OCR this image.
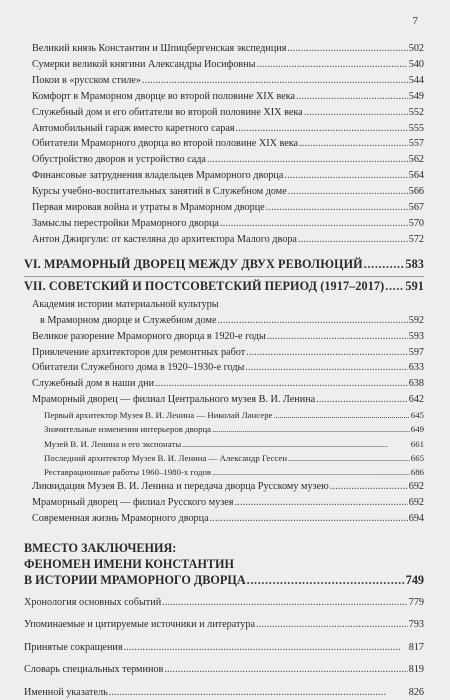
7
Великий князь Константин и Шпицбергенская экспедиция . . .	502
Сумерки великой княгини Александры Иосифовны . . .	540
Покои в «русском стиле» . . .	544
Комфорт в Мраморном дворце во второй половине XIX века . . .	549
Служебный дом и его обитатели во второй половине XIX века . . .	552
Автомобильный гараж вместо каретного сарая . . .	555
Обитатели Мраморного дворца во второй половине XIX века . . .	557
Обустройство дворов и устройство сада . . .	562
Финансовые затруднения владельцев Мраморного дворца . . .	564
Курсы учебно-воспитательных занятий в Служебном доме . . .	566
Первая мировая война и утраты в Мраморном дворце . . .	567
Замыслы перестройки Мраморного дворца . . .	570
Антон Джиргули: от кастеляна до архитектора Малого двора . . .	572
VI. МРАМОРНЫЙ ДВОРЕЦ МЕЖДУ ДВУХ РЕВОЛЮЦИЙ . . .	583
VII. СОВЕТСКИЙ И ПОСТСОВЕТСКИЙ ПЕРИОД (1917–2017) . . . 591
Академия истории материальной культуры
в Мраморном дворце и Служебном доме . . .	592
Великое разорение Мраморного дворца в 1920-е годы . . .	593
Привлечение архитекторов для ремонтных работ . . .	597
Обитатели Служебного дома в 1920–1930-е годы . . .	633
Служебный дом в наши дни . . .	638
Мраморный дворец — филиал Центрального музея В. И. Ленина . . .	642
Первый архитектор Музея В. И. Ленина — Николай Лансере . . .	645
Значительные изменения интерьеров дворца . . .	649
Музей В. И. Ленина и его экспонаты . . .	661
Последний архитектор Музея В. И. Ленина — Александр Гессен . . .	665
Реставрационные работы 1960–1980-х годов . . .	686
Ликвидация Музея В. И. Ленина и передача дворца Русскому музею . . .	692
Мраморный дворец — филиал Русского музея . . .	692
Современная жизнь Мраморного дворца . . .	694
ВМЕСТО ЗАКЛЮЧЕНИЯ:
ФЕНОМЕН ИМЕНИ КОНСТАНТИН
В ИСТОРИИ МРАМОРНОГО ДВОРЦА . . .	749
Хронология основных событий . . .	779
Упоминаемые и цитируемые источники и литература . . .	793
Принятые сокращения . . .	817
Словарь специальных терминов . . .	819
Именной указатель . . .	826
